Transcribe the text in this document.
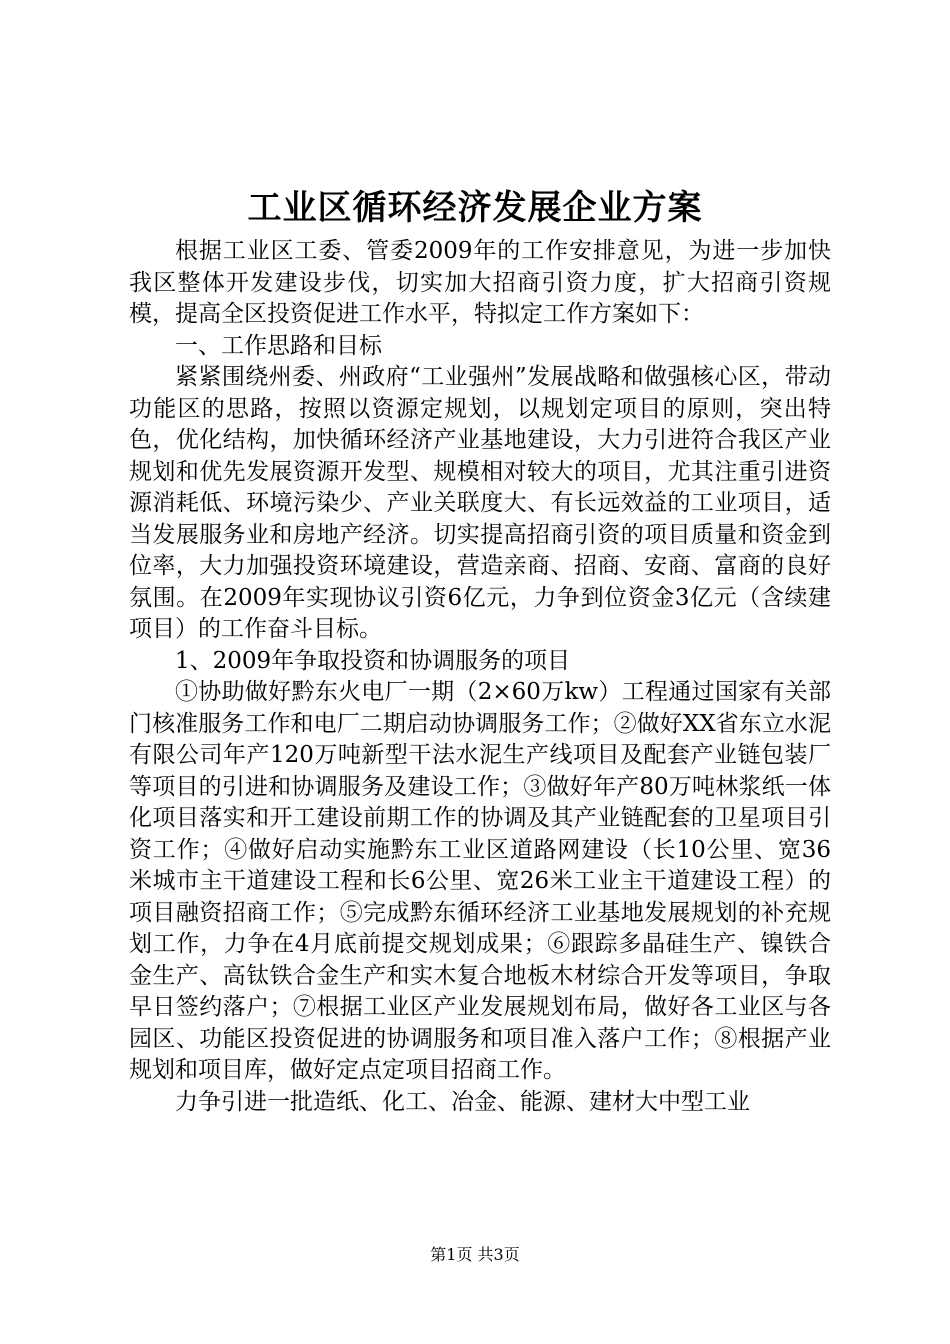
工业区循环经济发展企业方案

根据工业区工委、管委2009年的工作安排意见，为进一步加快我区整体开发建设步伐，切实加大招商引资力度，扩大招商引资规模，提高全区投资促进工作水平，特拟定工作方案如下：

一、工作思路和目标

紧紧围绕州委、州政府“工业强州”发展战略和做强核心区，带动功能区的思路，按照以资源定规划，以规划定项目的原则，突出特色，优化结构，加快循环经济产业基地建设，大力引进符合我区产业规划和优先发展资源开发型、规模相对较大的项目，尤其注重引进资源消耗低、环境污染少、产业关联度大、有长远效益的工业项目，适当发展服务业和房地产经济。切实提高招商引资的项目质量和资金到位率，大力加强投资环境建设，营造亲商、招商、安商、富商的良好氛围。在2009年实现协议引资6亿元，力争到位资金3亿元（含续建项目）的工作奋斗目标。

1、2009年争取投资和协调服务的项目

①协助做好黔东火电厂一期（2×60万kw）工程通过国家有关部门核准服务工作和电厂二期启动协调服务工作；②做好XX省东立水泥有限公司年产120万吨新型干法水泥生产线项目及配套产业链包装厂等项目的引进和协调服务及建设工作；③做好年产80万吨林浆纸一体化项目落实和开工建设前期工作的协调及其产业链配套的卫星项目引资工作；④做好启动实施黔东工业区道路网建设（长10公里、宽36米城市主干道建设工程和长6公里、宽26米工业主干道建设工程）的项目融资招商工作；⑤完成黔东循环经济工业基地发展规划的补充规划工作，力争在4月底前提交规划成果；⑥跟踪多晶硅生产、镍铁合金生产、高钛铁合金生产和实木复合地板木材综合开发等项目，争取早日签约落户；⑦根据工业区产业发展规划布局，做好各工业区与各园区、功能区投资促进的协调服务和项目准入落户工作；⑧根据产业规划和项目库，做好定点定项目招商工作。

力争引进一批造纸、化工、冶金、能源、建材大中型工业

第1页 共3页
